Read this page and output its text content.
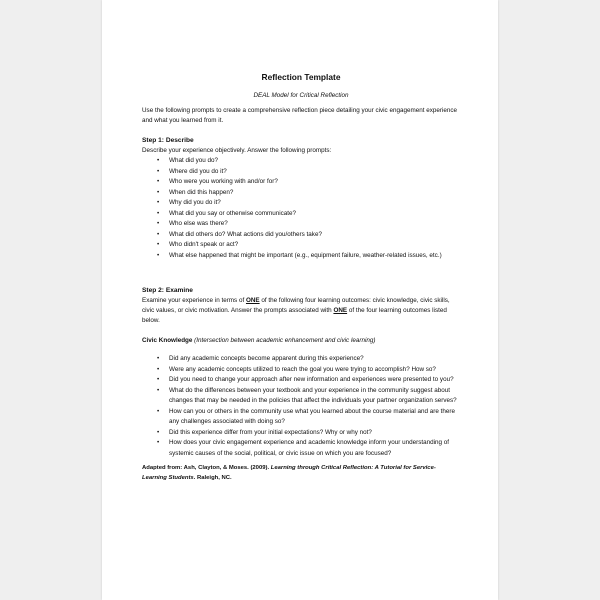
Reflection Template
DEAL Model for Critical Reflection

Use the following prompts to create a comprehensive reflection piece detailing your civic engagement experience and what you learned from it.

Step 1: Describe

Describe your experience objectively. Answer the following prompts:

• What did you do?
• Where did you do it?
• Who were you working with and/or for?
• When did this happen?
• Why did you do it?
• What did you say or otherwise communicate?
• Who else was there?
• What did others do? What actions did you/others take?
• Who didn't speak or act?
• What else happened that might be important (e.g., equipment failure, weather-related issues, etc.)
Step 2: Examine

Examine your experience in terms of ONE of the following four learning outcomes: civic knowledge, civic skills, civic values, or civic motivation. Answer the prompts associated with ONE of the four learning outcomes listed below.

Civic Knowledge (Intersection between academic enhancement and civic learning)

• Did any academic concepts become apparent during this experience?
• Were any academic concepts utilized to reach the goal you were trying to accomplish? How so?
• Did you need to change your approach after new information and experiences were presented to you?
• What do the differences between your textbook and your experience in the community suggest about changes that may be needed in the policies that affect the individuals your partner organization serves?
• How can you or others in the community use what you learned about the course material and are there any challenges associated with doing so?
• Did this experience differ from your initial expectations? Why or why not?
• How does your civic engagement experience and academic knowledge inform your understanding of systemic causes of the social, political, or civic issue on which you are focused?

Adapted from: Ash, Clayton, & Moses. (2009). Learning through Critical Reflection: A Tutorial for Service-Learning Students. Raleigh, NC.
